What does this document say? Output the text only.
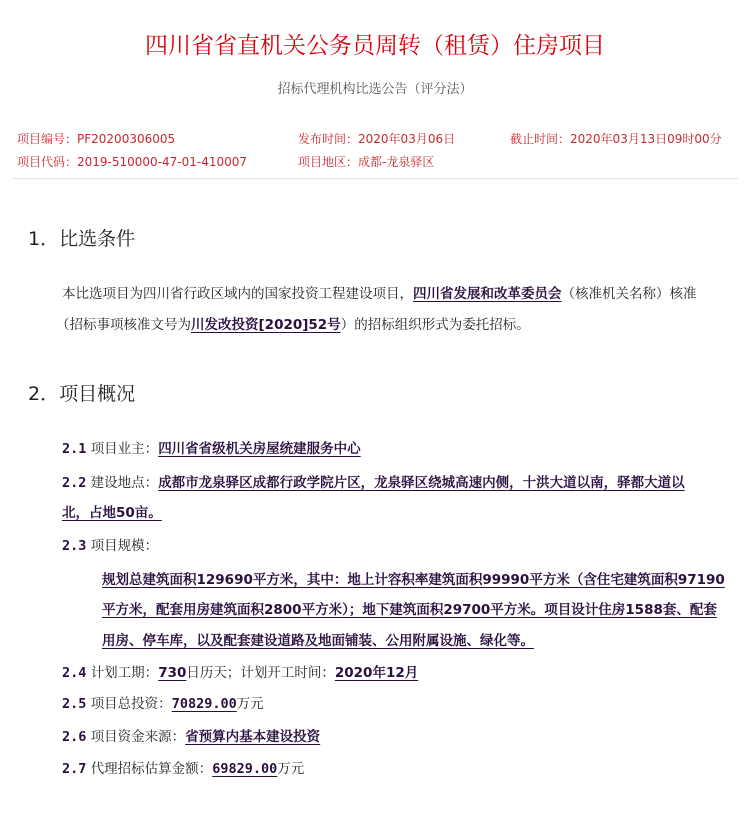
四川省省直机关公务员周转（租赁）住房项目
招标代理机构比选公告（评分法）
项目编号：PF20200306005	发布时间：2020年03月06日	截止时间：2020年03月13日09时00分
项目代码：2019-510000-47-01-410007	项目地区：成都-龙泉驿区
1．比选条件
本比选项目为四川省行政区域内的国家投资工程建设项目，四川省发展和改革委员会（核准机关名称）核准
（招标事项核准文号为川发改投资[2020]52号）的招标组织形式为委托招标。
2．项目概况
2.1 项目业主：四川省省级机关房屋统建服务中心
2.2 建设地点：成都市龙泉驿区成都行政学院片区，龙泉驿区绕城高速内侧，十洪大道以南，驿都大道以
北，占地50亩。
2.3 项目规模：
规划总建筑面积129690平方米，其中：地上计容积率建筑面积99990平方米（含住宅建筑面积97190
平方米，配套用房建筑面积2800平方米）；地下建筑面积29700平方米。项目设计住房1588套、配套
用房、停车库，以及配套建设道路及地面铺装、公用附属设施、绿化等。
2.4 计划工期：730日历天；计划开工时间：2020年12月
2.5 项目总投资：70829.00万元
2.6 项目资金来源：省预算内基本建设投资
2.7 代理招标估算金额：69829.00万元
